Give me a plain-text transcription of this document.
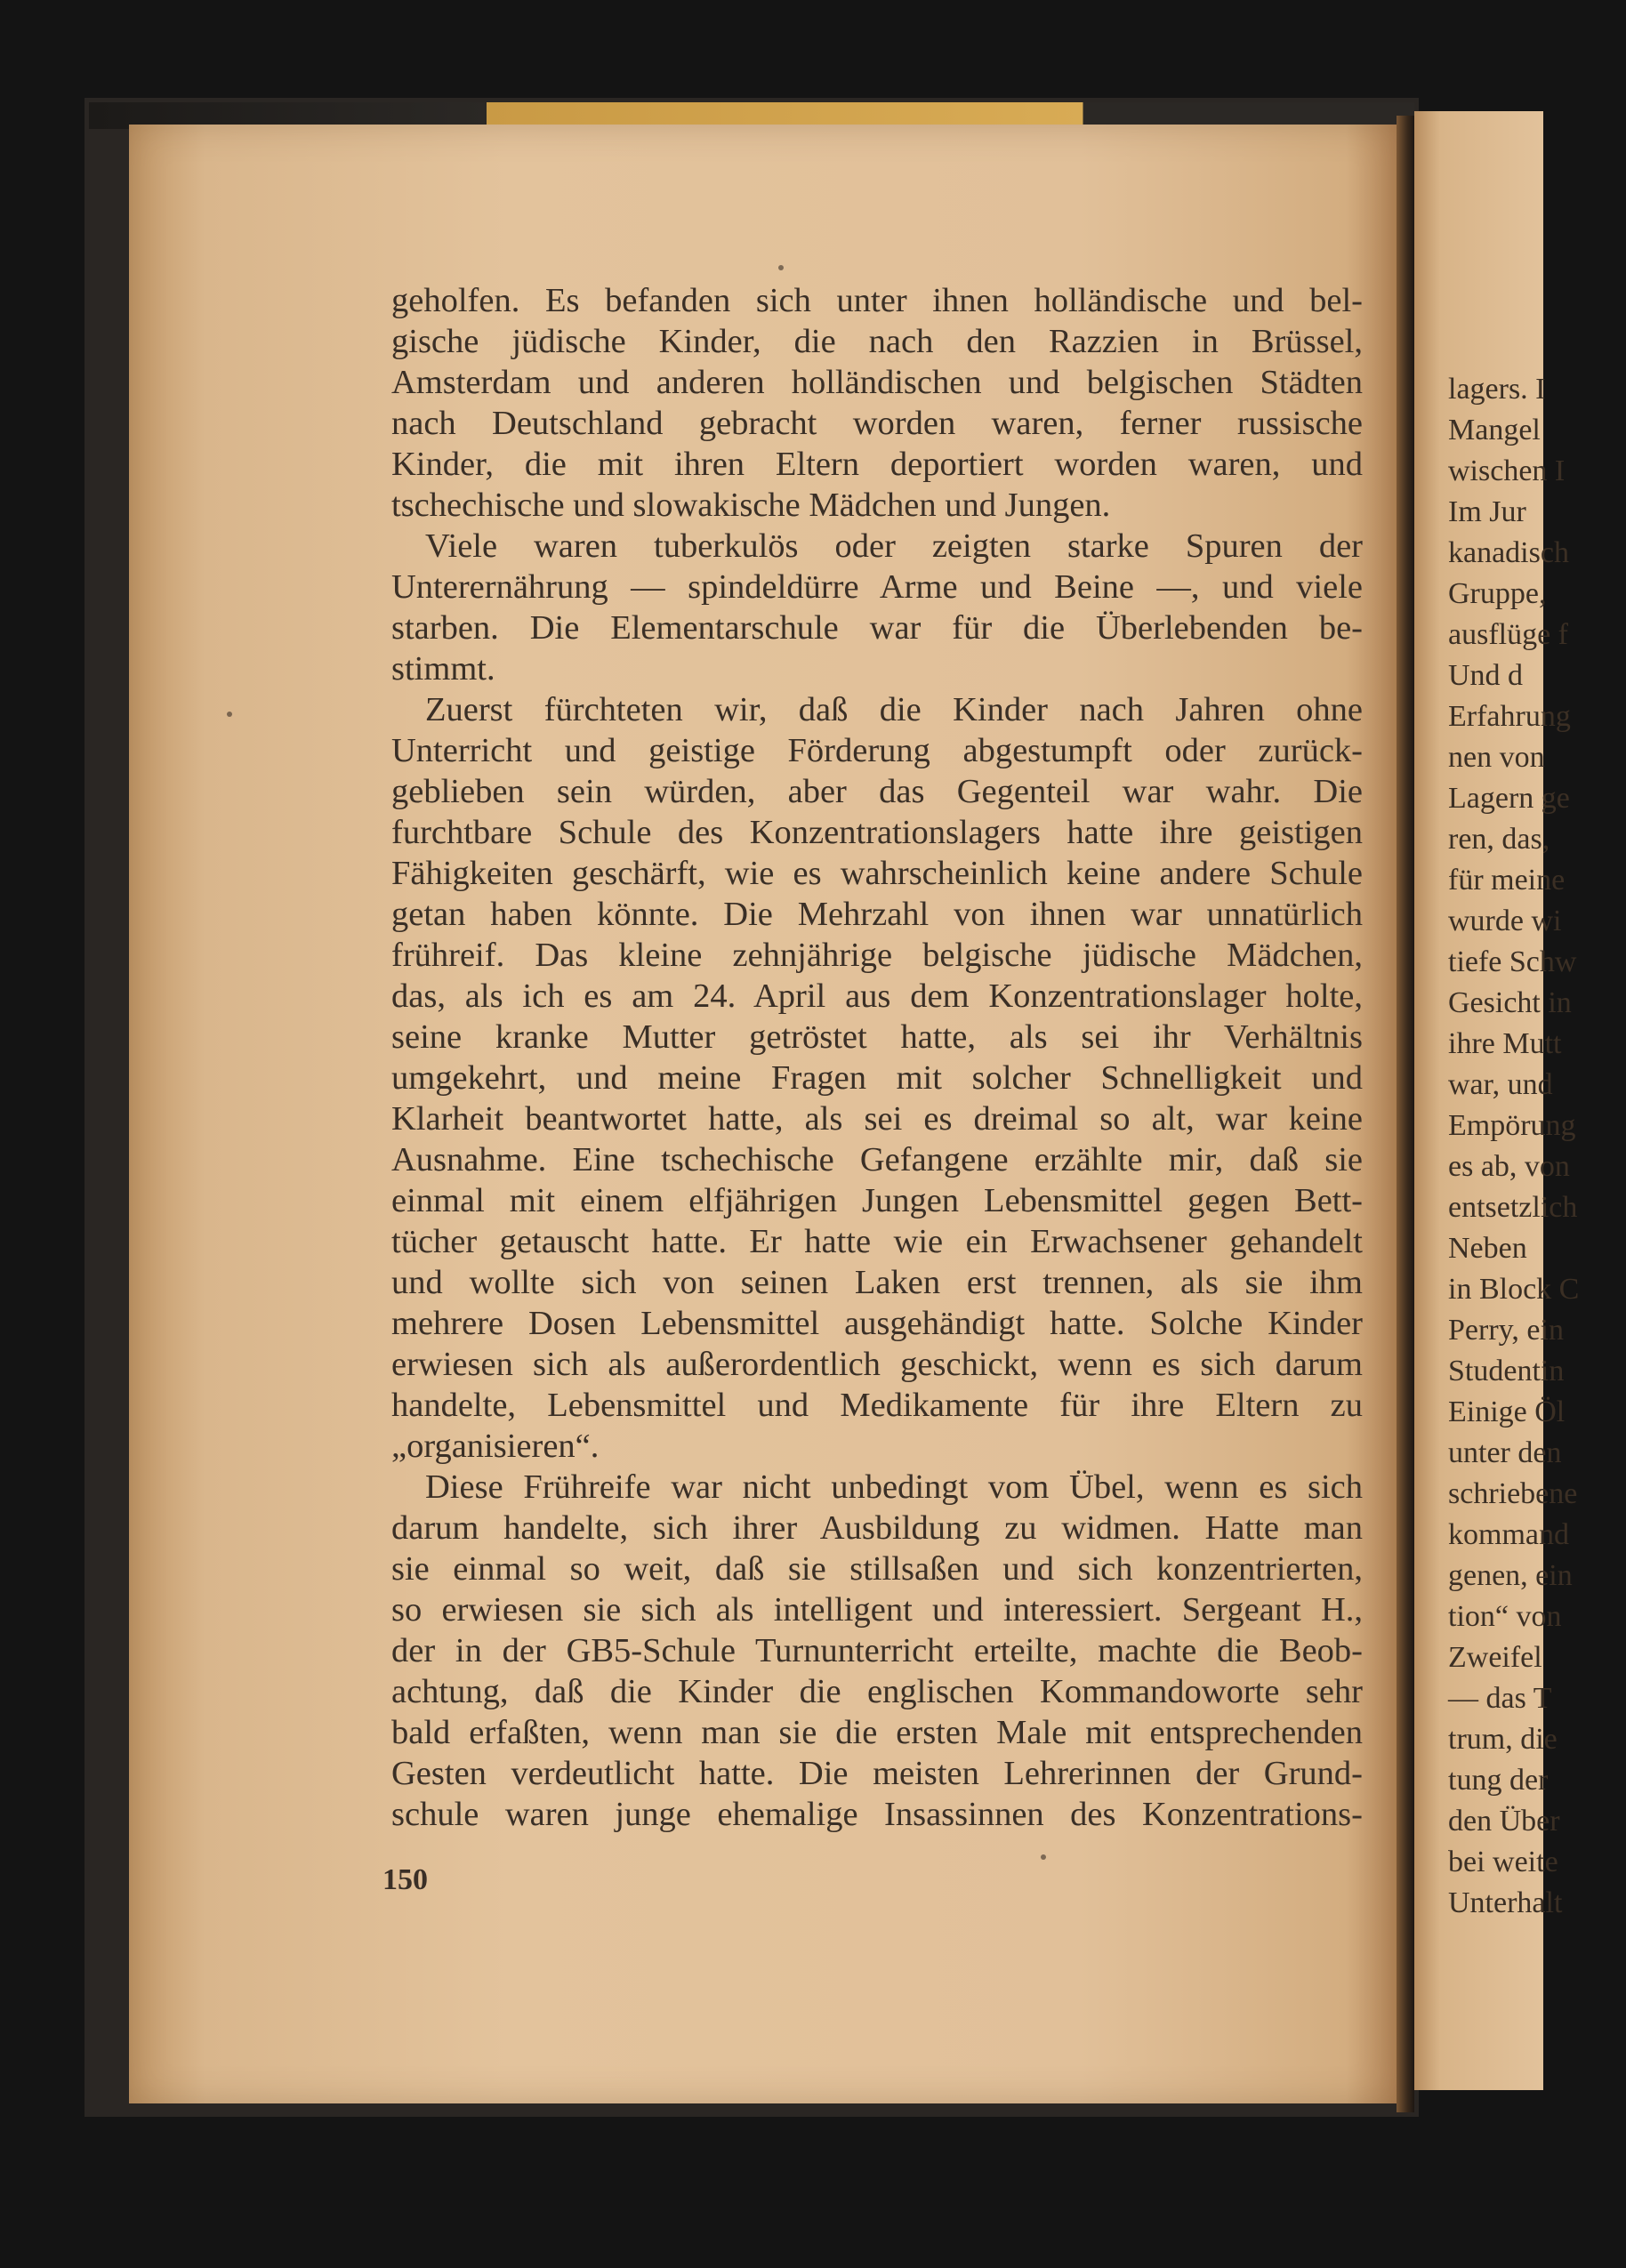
lagers. I
Mangel
wischen I
Im Jur
kanadisch
Gruppe,
ausflüge f
Und d
Erfahrung
nen von
Lagern ge
ren, das,
für meine
wurde wi
tiefe Schw
Gesicht in
ihre Mutt
war, und
Empörung
es ab, von
entsetzlich
Neben
in Block C
Perry, ein
Studentin
Einige Öl
unter den
schriebene
kommand
genen, ein
tion“ von
Zweifel
— das T
trum, die
tung der
den Über
bei weite
Unterhalt
geholfen. Es befanden sich unter ihnen holländische und bel-
gische jüdische Kinder, die nach den Razzien in Brüssel,
Amsterdam und anderen holländischen und belgischen Städten
nach Deutschland gebracht worden waren, ferner russische
Kinder, die mit ihren Eltern deportiert worden waren, und
tschechische und slowakische Mädchen und Jungen.
Viele waren tuberkulös oder zeigten starke Spuren der
Unterernährung — spindeldürre Arme und Beine —, und viele
starben. Die Elementarschule war für die Überlebenden be-
stimmt.
Zuerst fürchteten wir, daß die Kinder nach Jahren ohne
Unterricht und geistige Förderung abgestumpft oder zurück-
geblieben sein würden, aber das Gegenteil war wahr. Die
furchtbare Schule des Konzentrationslagers hatte ihre geistigen
Fähigkeiten geschärft, wie es wahrscheinlich keine andere Schule
getan haben könnte. Die Mehrzahl von ihnen war unnatürlich
frühreif. Das kleine zehnjährige belgische jüdische Mädchen,
das, als ich es am 24. April aus dem Konzentrationslager holte,
seine kranke Mutter getröstet hatte, als sei ihr Verhältnis
umgekehrt, und meine Fragen mit solcher Schnelligkeit und
Klarheit beantwortet hatte, als sei es dreimal so alt, war keine
Ausnahme. Eine tschechische Gefangene erzählte mir, daß sie
einmal mit einem elfjährigen Jungen Lebensmittel gegen Bett-
tücher getauscht hatte. Er hatte wie ein Erwachsener gehandelt
und wollte sich von seinen Laken erst trennen, als sie ihm
mehrere Dosen Lebensmittel ausgehändigt hatte. Solche Kinder
erwiesen sich als außerordentlich geschickt, wenn es sich darum
handelte, Lebensmittel und Medikamente für ihre Eltern zu
„organisieren“.
Diese Frühreife war nicht unbedingt vom Übel, wenn es sich
darum handelte, sich ihrer Ausbildung zu widmen. Hatte man
sie einmal so weit, daß sie stillsaßen und sich konzentrierten,
so erwiesen sie sich als intelligent und interessiert. Sergeant H.,
der in der GB5-Schule Turnunterricht erteilte, machte die Beob-
achtung, daß die Kinder die englischen Kommandoworte sehr
bald erfaßten, wenn man sie die ersten Male mit entsprechenden
Gesten verdeutlicht hatte. Die meisten Lehrerinnen der Grund-
schule waren junge ehemalige Insassinnen des Konzentrations-
150
